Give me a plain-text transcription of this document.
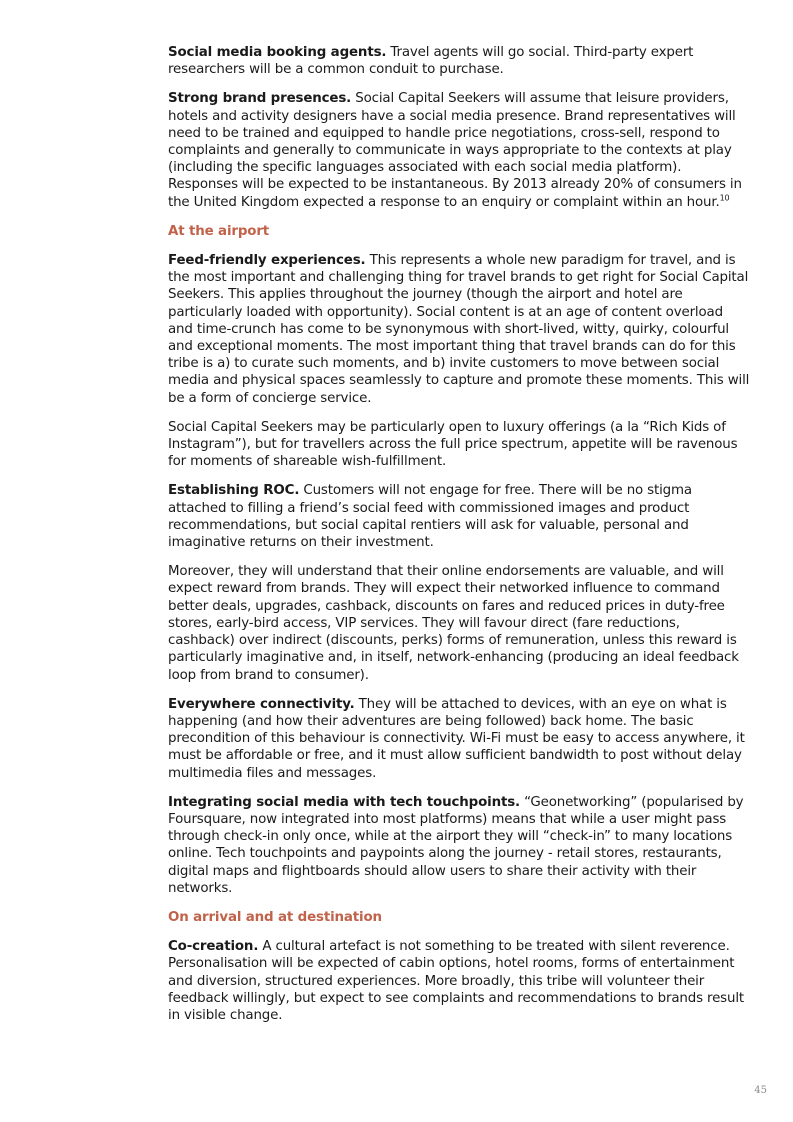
Social media booking agents. Travel agents will go social. Third-party expert researchers will be a common conduit to purchase.

Strong brand presences. Social Capital Seekers will assume that leisure providers, hotels and activity designers have a social media presence. Brand representatives will need to be trained and equipped to handle price negotiations, cross-sell, respond to complaints and generally to communicate in ways appropriate to the contexts at play (including the specific languages associated with each social media platform). Responses will be expected to be instantaneous. By 2013 already 20% of consumers in the United Kingdom expected a response to an enquiry or complaint within an hour.$^{10}$

At the airport

Feed-friendly experiences. This represents a whole new paradigm for travel, and is the most important and challenging thing for travel brands to get right for Social Capital Seekers. This applies throughout the journey (though the airport and hotel are particularly loaded with opportunity). Social content is at an age of content overload and time-crunch has come to be synonymous with short-lived, witty, quirky, colourful and exceptional moments. The most important thing that travel brands can do for this tribe is a) to curate such moments, and b) invite customers to move between social media and physical spaces seamlessly to capture and promote these moments. This will be a form of concierge service.

Social Capital Seekers may be particularly open to luxury offerings (a la “Rich Kids of Instagram”), but for travellers across the full price spectrum, appetite will be ravenous for moments of shareable wish-fulfillment.

Establishing ROC. Customers will not engage for free. There will be no stigma attached to filling a friend’s social feed with commissioned images and product recommendations, but social capital rentiers will ask for valuable, personal and imaginative returns on their investment.

Moreover, they will understand that their online endorsements are valuable, and will expect reward from brands. They will expect their networked influence to command better deals, upgrades, cashback, discounts on fares and reduced prices in duty-free stores, early-bird access, VIP services. They will favour direct (fare reductions, cashback) over indirect (discounts, perks) forms of remuneration, unless this reward is particularly imaginative and, in itself, network-enhancing (producing an ideal feedback loop from brand to consumer).

Everywhere connectivity. They will be attached to devices, with an eye on what is happening (and how their adventures are being followed) back home. The basic precondition of this behaviour is connectivity. Wi-Fi must be easy to access anywhere, it must be affordable or free, and it must allow sufficient bandwidth to post without delay multimedia files and messages.

Integrating social media with tech touchpoints. “Geonetworking” (popularised by Foursquare, now integrated into most platforms) means that while a user might pass through check-in only once, while at the airport they will “check-in” to many locations online. Tech touchpoints and paypoints along the journey - retail stores, restaurants, digital maps and flightboards should allow users to share their activity with their networks.

On arrival and at destination

Co-creation. A cultural artefact is not something to be treated with silent reverence. Personalisation will be expected of cabin options, hotel rooms, forms of entertainment and diversion, structured experiences. More broadly, this tribe will volunteer their feedback willingly, but expect to see complaints and recommendations to brands result in visible change.

45
